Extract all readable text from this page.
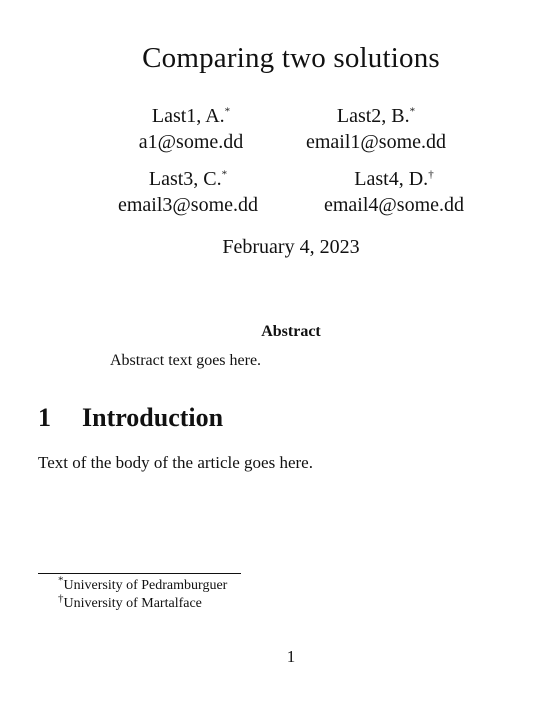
Comparing two solutions
Last1, A.*
a1@some.dd
Last2, B.*
email1@some.dd
Last3, C.*
email3@some.dd
Last4, D.†
email4@some.dd
February 4, 2023
Abstract
Abstract text goes here.
1 Introduction
Text of the body of the article goes here.
*University of Pedramburguer
†University of Martalface
1
